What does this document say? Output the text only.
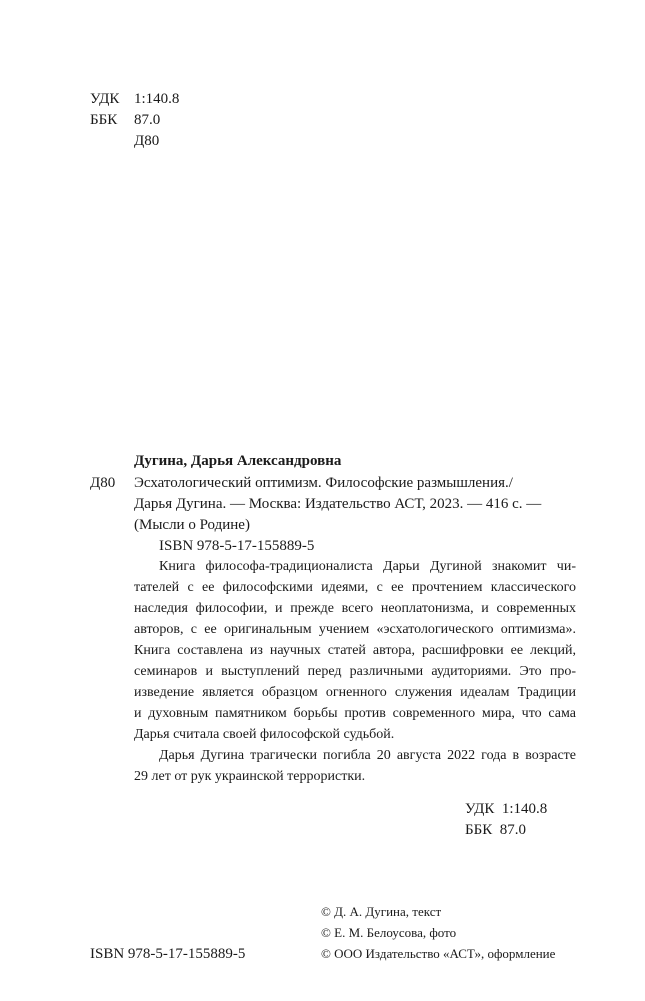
УДК 1:140.8
ББК 87.0
Д80
Дугина, Дарья Александровна
Д80 Эсхатологический оптимизм. Философские размышления./
Дарья Дугина. — Москва: Издательство АСТ, 2023. — 416 с. —
(Мысли о Родине)
ISBN 978-5-17-155889-5
Книга философа-традиционалиста Дарьи Дугиной знакомит чи-
тателей с ее философскими идеями, с ее прочтением классического
наследия философии, и прежде всего неоплатонизма, и современных
авторов, с ее оригинальным учением «эсхатологического оптимизма».
Книга составлена из научных статей автора, расшифровки ее лекций,
семинаров и выступлений перед различными аудиториями. Это про-
изведение является образцом огненного служения идеалам Традиции
и духовным памятником борьбы против современного мира, что сама
Дарья считала своей философской судьбой.
Дарья Дугина трагически погибла 20 августа 2022 года в возрасте
29 лет от рук украинской террористки.
УДК  1:140.8
ББК  87.0
ISBN 978-5-17-155889-5
© Д. А. Дугина, текст
© Е. М. Белоусова, фото
© ООО Издательство «АСТ», оформление
